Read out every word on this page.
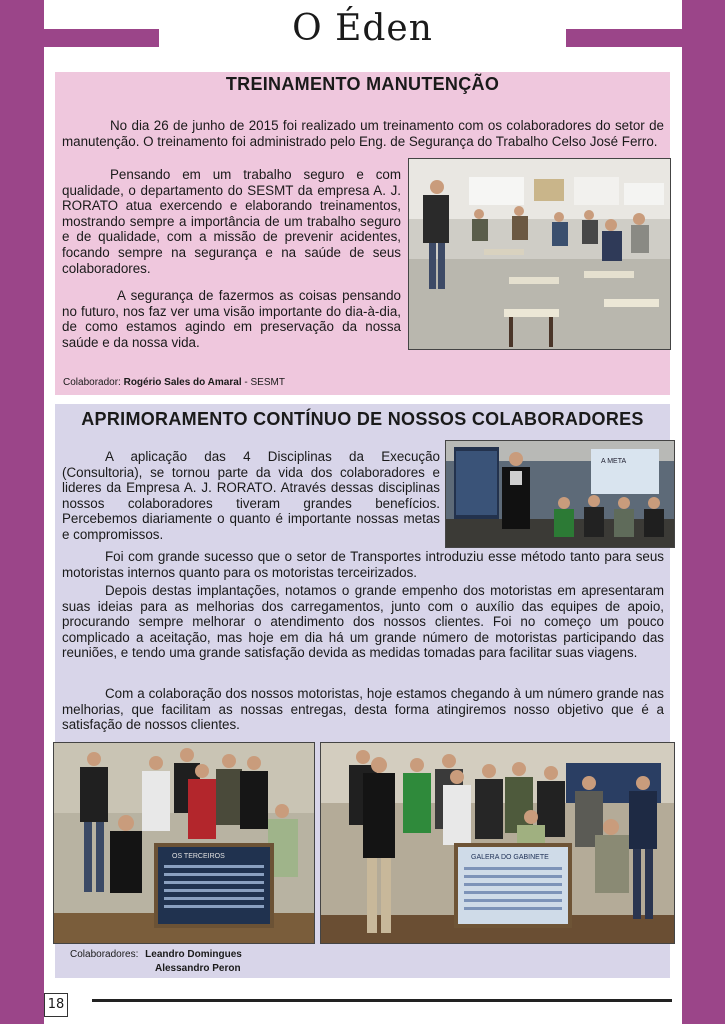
O Éden
TREINAMENTO MANUTENÇÃO

No dia 26 de junho de 2015 foi realizado um treinamento com os colaboradores do setor de manutenção. O treinamento foi administrado pelo Eng. de Segurança do Trabalho Celso José Ferro.

Pensando em um trabalho seguro e com qualidade, o departamento do SESMT da empresa A. J. RORATO atua exercendo e elaborando treinamentos, mostrando sempre a importância de um trabalho seguro e de qualidade, com a missão de prevenir acidentes, focando sempre na segurança e na saúde de seus colaboradores.

A segurança de fazermos as coisas pensando no futuro, nos faz ver uma visão importante do dia-à-dia, de como estamos agindo em preservação da nossa saúde e da nossa vida.

Colaborador: Rogério Sales do Amaral - SESMT
APRIMORAMENTO CONTÍNUO DE NOSSOS COLABORADORES

A aplicação das 4 Disciplinas da Execução (Consultoria), se tornou parte da vida dos colaboradores e lideres da Empresa A. J. RORATO. Através dessas disciplinas nossos colaboradores tiveram grandes benefícios. Percebemos diariamente o quanto é importante nossas metas e compromissos.

A META

Foi com grande sucesso que o setor de Transportes introduziu esse método tanto para seus motoristas internos quanto para os motoristas terceirizados.

Depois destas implantações, notamos o grande empenho dos motoristas em apresentaram suas ideias para as melhorias dos carregamentos, junto com o auxílio das equipes de apoio, procurando sempre melhorar o atendimento dos nossos clientes. Foi no começo um pouco complicado a aceitação, mas hoje em dia há um grande número de motoristas participando das reuniões, e tendo uma grande satisfação devida as medidas tomadas para facilitar suas viagens.

Com a colaboração dos nossos motoristas, hoje estamos chegando à um número grande nas melhorias, que facilitam as nossas entregas, desta forma atingiremos nosso objetivo que é a satisfação de nossos clientes.

OS TERCEIROS	GALERA DO GABINETE
Colaboradores: Leandro Domingues
Alessandro Peron
18
